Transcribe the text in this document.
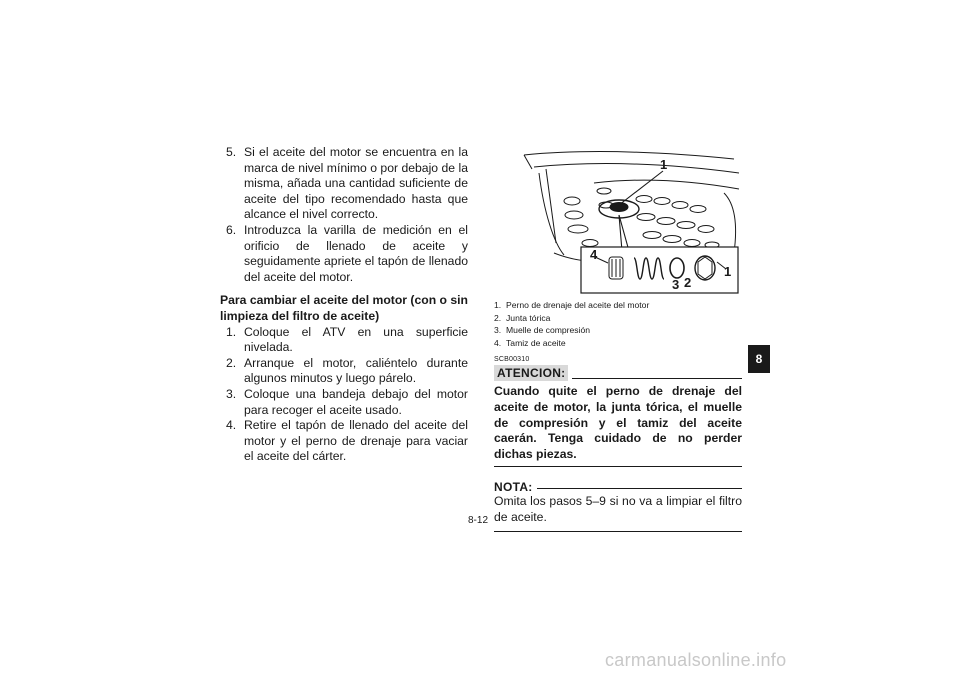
5. Si el aceite del motor se encuentra en la marca de nivel mínimo o por debajo de la misma, añada una cantidad suficiente de aceite del tipo recomendado hasta que alcance el nivel correcto.
6. Introduzca la varilla de medición en el orificio de llenado de aceite y seguidamente apriete el tapón de llenado del aceite del motor.
Para cambiar el aceite del motor (con o sin limpieza del filtro de aceite)
1. Coloque el ATV en una superficie nivelada.
2. Arranque el motor, caliéntelo durante algunos minutos y luego párelo.
3. Coloque una bandeja debajo del motor para recoger el aceite usado.
4. Retire el tapón de llenado del aceite del motor y el perno de drenaje para vaciar el aceite del cárter.
1
4
3 2
1
1. Perno de drenaje del aceite del motor
2. Junta tórica
3. Muelle de compresión
4. Tamiz de aceite
SCB00310
ATENCION:
Cuando quite el perno de drenaje del aceite de motor, la junta tórica, el muelle de compresión y el tamiz del aceite caerán. Tenga cuidado de no perder dichas piezas.
NOTA:
Omita los pasos 5–9 si no va a limpiar el filtro de aceite.
8
8-12
carmanualsonline.info
